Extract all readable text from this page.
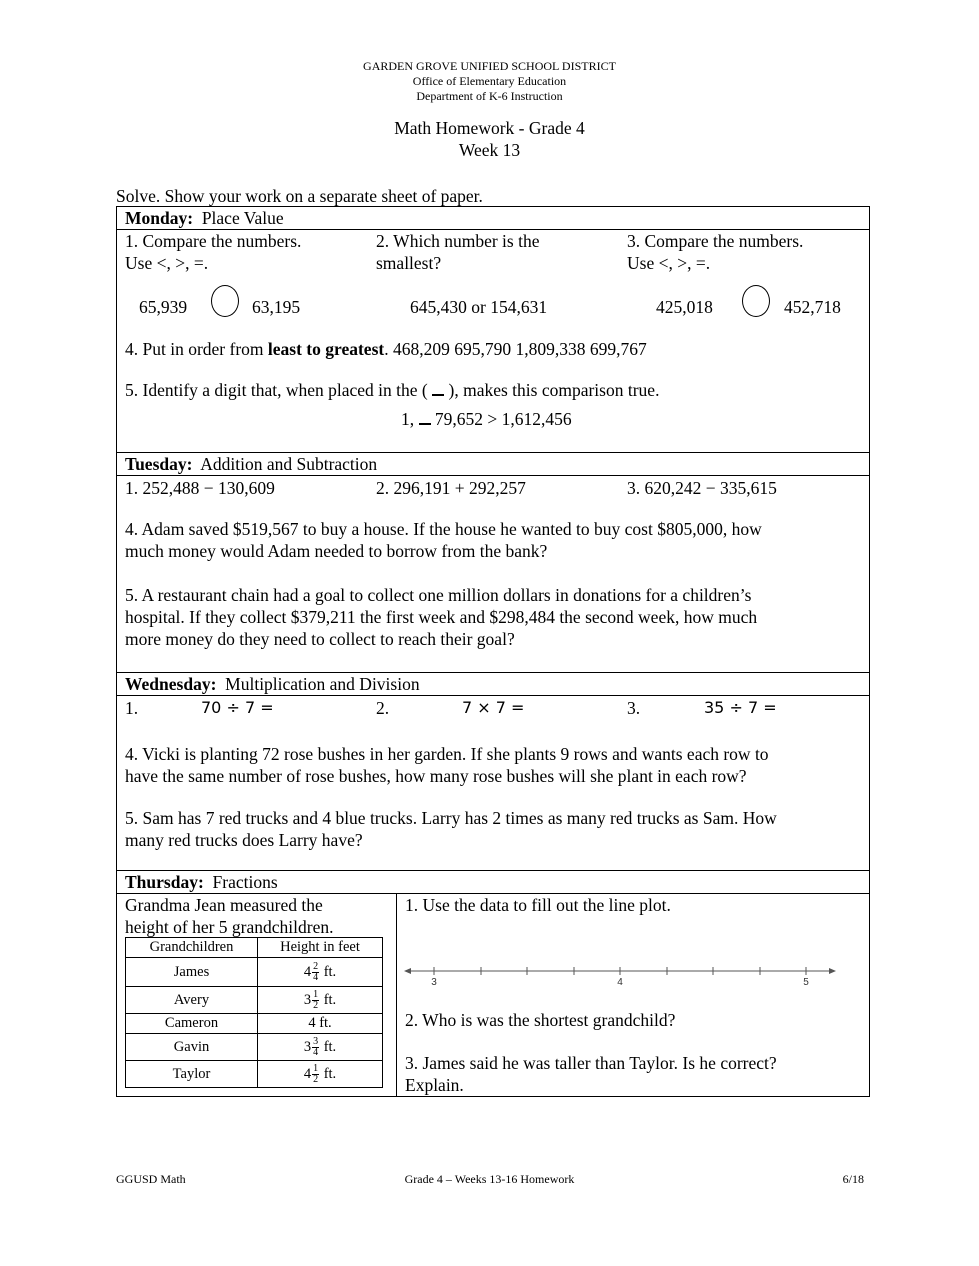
GARDEN GROVE UNIFIED SCHOOL DISTRICT
Office of Elementary Education
Department of K-6 Instruction
Math Homework - Grade 4
Week 13
Solve. Show your work on a separate sheet of paper.
Monday: Place Value
1. Compare the numbers.
Use <, >, =.
65,939	63,195
2. Which number is the
smallest?
645,430 or 154,631
3. Compare the numbers.
Use <, >, =.
425,018	452,718
4. Put in order from least to greatest. 468,209 695,790 1,809,338 699,767
5. Identify a digit that, when placed in the ( ), makes this comparison true.
1, 79,652 > 1,612,456
Tuesday: Addition and Subtraction
1. 252,488 − 130,609	2. 296,191 + 292,257	3. 620,242 − 335,615
4. Adam saved $519,567 to buy a house. If the house he wanted to buy cost $805,000, how
much money would Adam needed to borrow from the bank?
5. A restaurant chain had a goal to collect one million dollars in donations for a children’s
hospital. If they collect $379,211 the first week and $298,484 the second week, how much
more money do they need to collect to reach their goal?
Wednesday: Multiplication and Division
1.	70 ÷ 7 =	2.	7 × 7 =	3.	35 ÷ 7 =
4. Vicki is planting 72 rose bushes in her garden. If she plants 9 rows and wants each row to
have the same number of rose bushes, how many rose bushes will she plant in each row?
5. Sam has 7 red trucks and 4 blue trucks. Larry has 2 times as many red trucks as Sam. How
many red trucks does Larry have?
Thursday: Fractions
Grandma Jean measured the
height of her 5 grandchildren.
Grandchildren	Height in feet
James	$4 \frac{2}{4}$ ft.
Avery	$3 \frac{1}{2}$ ft.
Cameron	4 ft.
Gavin	$3 \frac{3}{4}$ ft.
Taylor	$4 \frac{1}{2}$ ft.
1. Use the data to fill out the line plot.
3	4	5
2. Who is was the shortest grandchild?
3. James said he was taller than Taylor. Is he correct?
Explain.
GGUSD Math	Grade 4 – Weeks 13-16 Homework	6/18
